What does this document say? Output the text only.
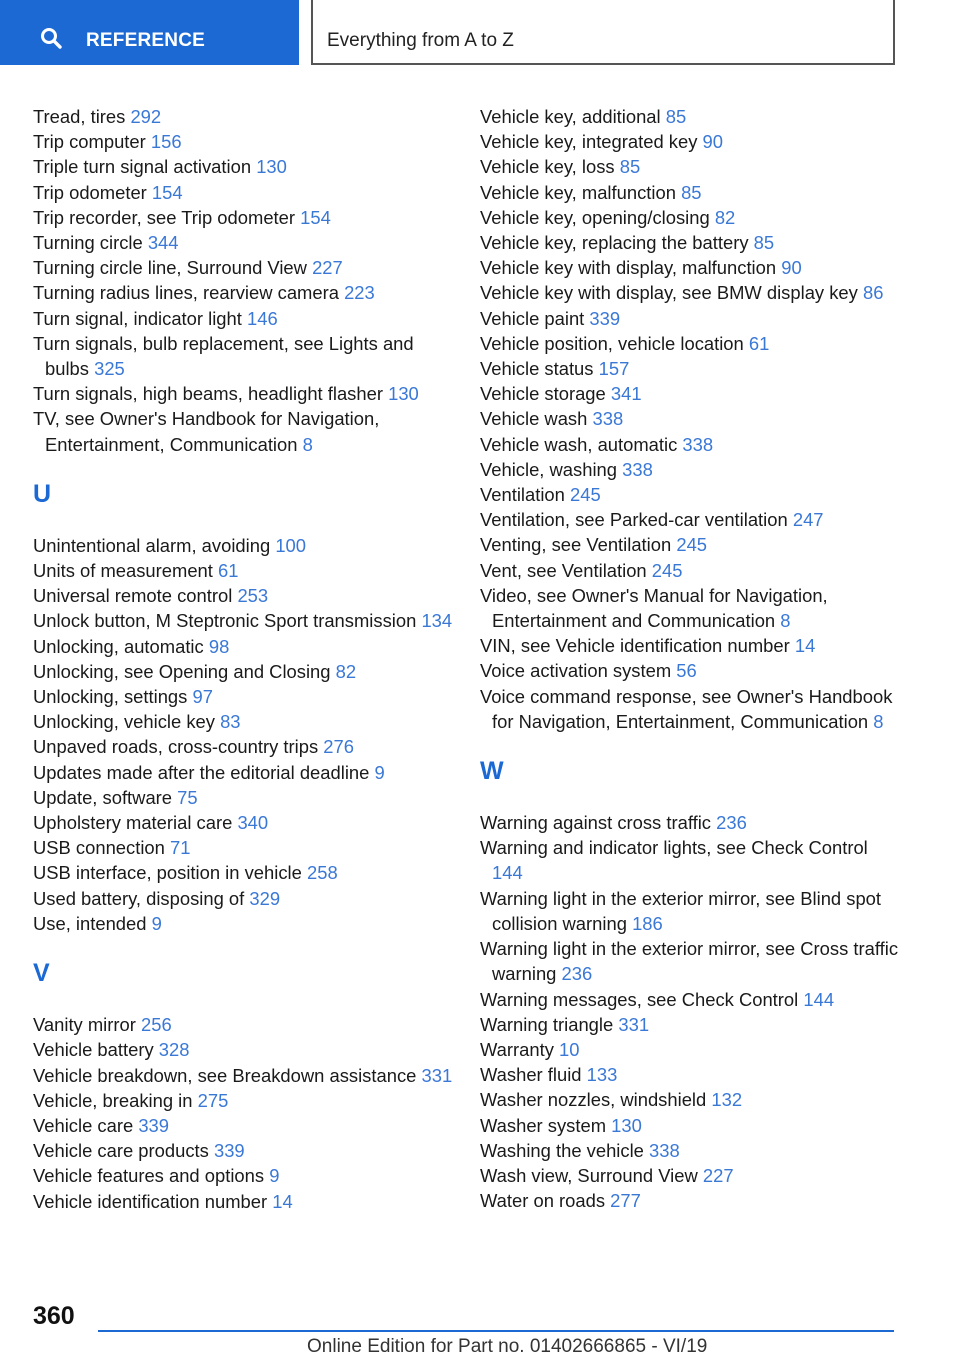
REFERENCE	Everything from A to Z
Tread, tires 292
Trip computer 156
Triple turn signal activation 130
Trip odometer 154
Trip recorder, see Trip odometer 154
Turning circle 344
Turning circle line, Surround View 227
Turning radius lines, rearview camera 223
Turn signal, indicator light 146
Turn signals, bulb replacement, see Lights and bulbs 325
Turn signals, high beams, headlight flasher 130
TV, see Owner's Handbook for Navigation, Entertainment, Communication 8
U
Unintentional alarm, avoiding 100
Units of measurement 61
Universal remote control 253
Unlock button, M Steptronic Sport transmission 134
Unlocking, automatic 98
Unlocking, see Opening and Closing 82
Unlocking, settings 97
Unlocking, vehicle key 83
Unpaved roads, cross-country trips 276
Updates made after the editorial deadline 9
Update, software 75
Upholstery material care 340
USB connection 71
USB interface, position in vehicle 258
Used battery, disposing of 329
Use, intended 9
V
Vanity mirror 256
Vehicle battery 328
Vehicle breakdown, see Breakdown assistance 331
Vehicle, breaking in 275
Vehicle care 339
Vehicle care products 339
Vehicle features and options 9
Vehicle identification number 14
Vehicle key, additional 85
Vehicle key, integrated key 90
Vehicle key, loss 85
Vehicle key, malfunction 85
Vehicle key, opening/closing 82
Vehicle key, replacing the battery 85
Vehicle key with display, malfunction 90
Vehicle key with display, see BMW display key 86
Vehicle paint 339
Vehicle position, vehicle location 61
Vehicle status 157
Vehicle storage 341
Vehicle wash 338
Vehicle wash, automatic 338
Vehicle, washing 338
Ventilation 245
Ventilation, see Parked-car ventilation 247
Venting, see Ventilation 245
Vent, see Ventilation 245
Video, see Owner's Manual for Navigation, Entertainment and Communication 8
VIN, see Vehicle identification number 14
Voice activation system 56
Voice command response, see Owner's Handbook for Navigation, Entertainment, Communication 8
W
Warning against cross traffic 236
Warning and indicator lights, see Check Control 144
Warning light in the exterior mirror, see Blind spot collision warning 186
Warning light in the exterior mirror, see Cross traffic warning 236
Warning messages, see Check Control 144
Warning triangle 331
Warranty 10
Washer fluid 133
Washer nozzles, windshield 132
Washer system 130
Washing the vehicle 338
Wash view, Surround View 227
Water on roads 277
360
Online Edition for Part no. 01402666865 - VI/19
